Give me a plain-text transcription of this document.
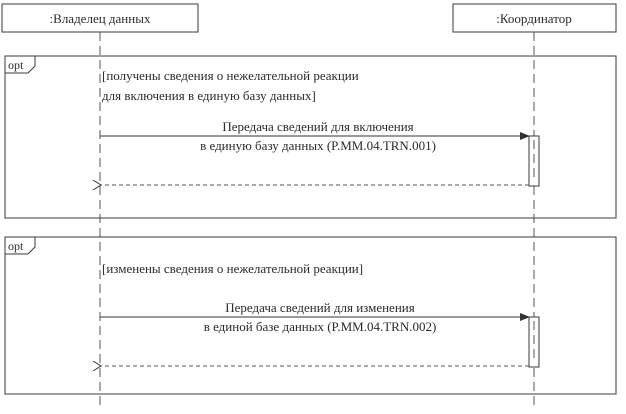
:Владелец данных	:Координатор
opt
[получены сведения о нежелательной реакции
для включения в единую базу данных]
Передача сведений для включения
в единую базу данных (P.MM.04.TRN.001)
opt
[изменены сведения о нежелательной реакции]
Передача сведений для изменения
в единой базе данных (P.MM.04.TRN.002)
